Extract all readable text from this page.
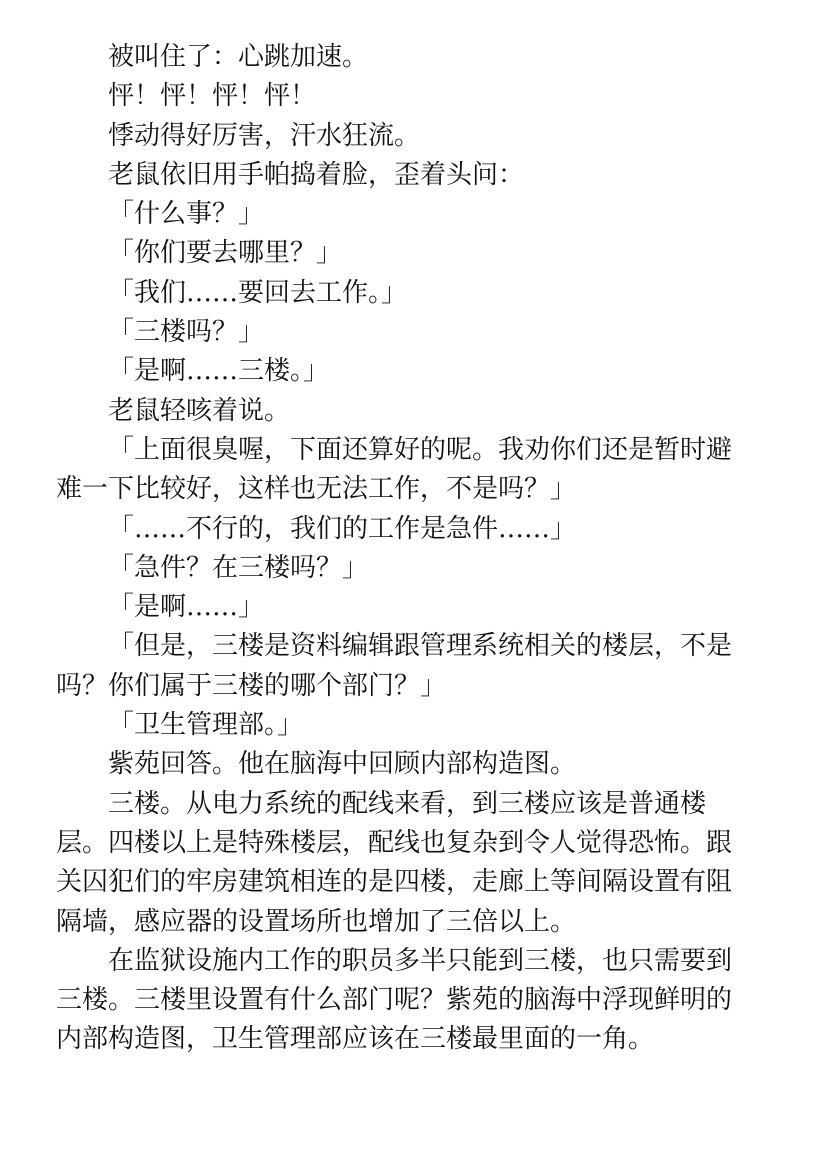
被叫住了：心跳加速。

怦！怦！怦！怦！

悸动得好厉害，汗水狂流。

老鼠依旧用手帕捣着脸，歪着头问：

「什么事？」

「你们要去哪里？」

「我们……要回去工作。」

「三楼吗？」

「是啊……三楼。」

老鼠轻咳着说。

「上面很臭喔，下面还算好的呢。我劝你们还是暂时避难一下比较好，这样也无法工作，不是吗？」

「……不行的，我们的工作是急件……」

「急件？在三楼吗？」

「是啊……」

「但是，三楼是资料编辑跟管理系统相关的楼层，不是吗？你们属于三楼的哪个部门？」

「卫生管理部。」

紫苑回答。他在脑海中回顾内部构造图。

三楼。从电力系统的配线来看，到三楼应该是普通楼层。四楼以上是特殊楼层，配线也复杂到令人觉得恐怖。跟关囚犯们的牢房建筑相连的是四楼，走廊上等间隔设置有阻隔墙，感应器的设置场所也增加了三倍以上。

在监狱设施内工作的职员多半只能到三楼，也只需要到三楼。三楼里设置有什么部门呢？紫苑的脑海中浮现鲜明的内部构造图，卫生管理部应该在三楼最里面的一角。
